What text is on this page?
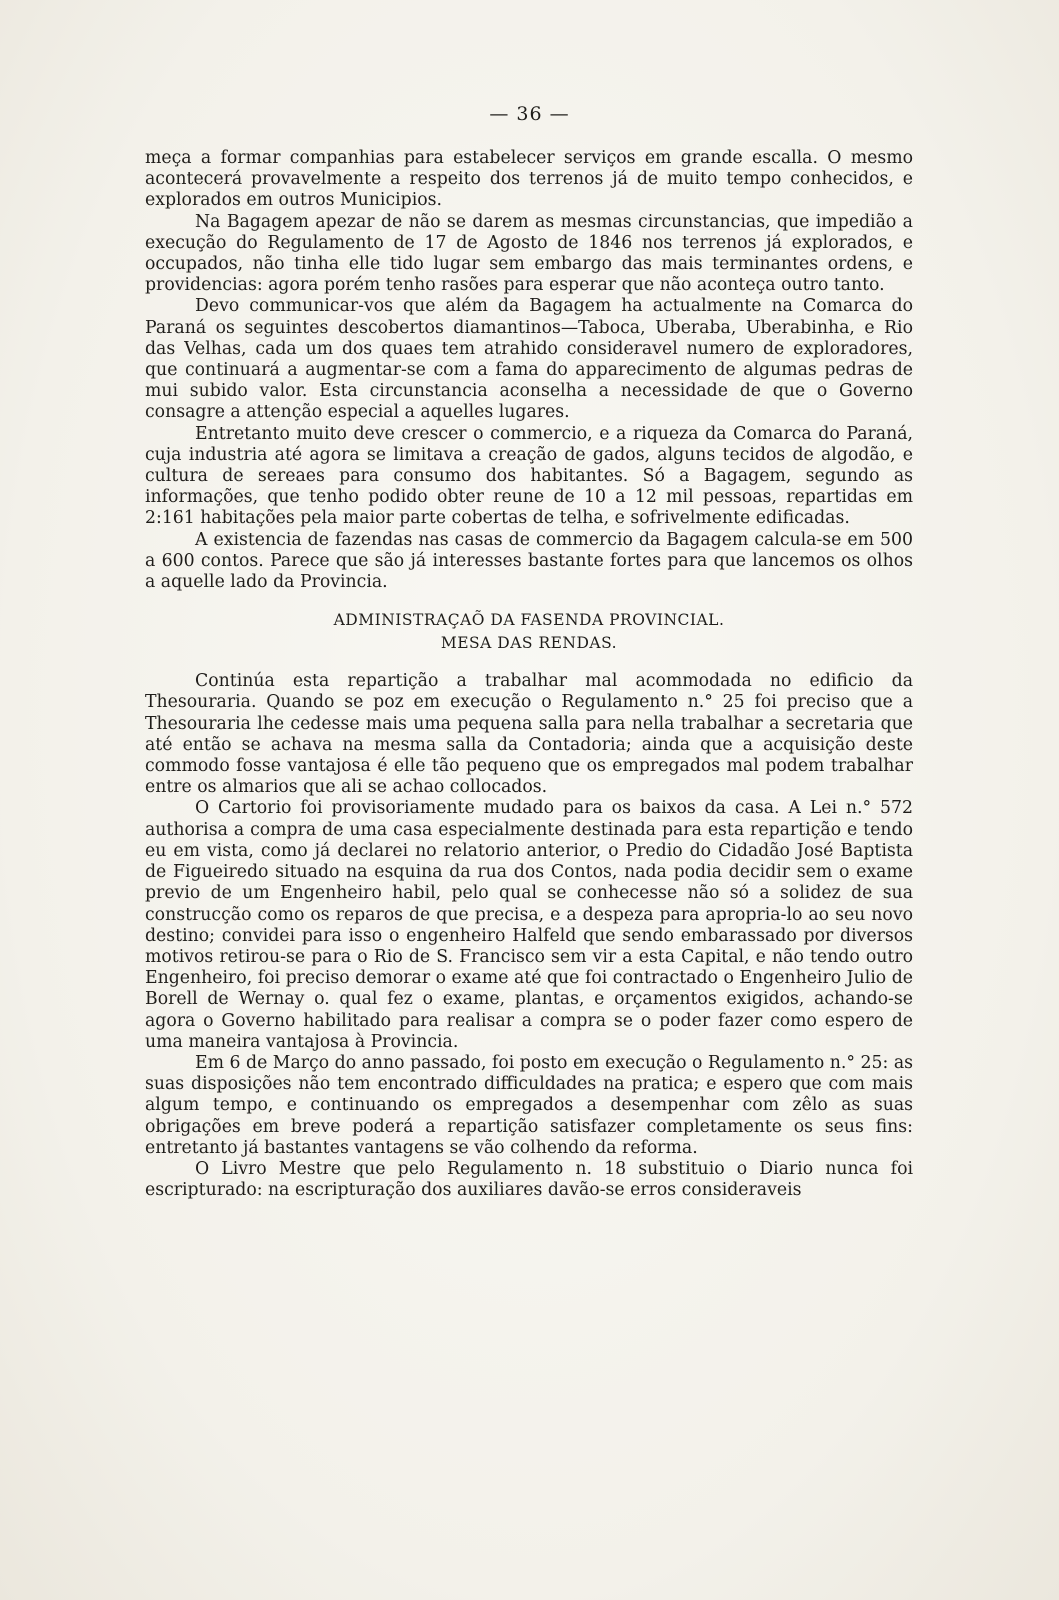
— 36 —

meça a formar companhias para estabelecer serviços em grande escalla. O mesmo acontecerá provavelmente a respeito dos terrenos já de muito tempo conhecidos, e explorados em outros Municipios.

Na Bagagem apezar de não se darem as mesmas circunstancias, que impedião a execução do Regulamento de 17 de Agosto de 1846 nos terrenos já explorados, e occupados, não tinha elle tido lugar sem embargo das mais terminantes ordens, e providencias: agora porém tenho rasões para esperar que não aconteça outro tanto.

Devo communicar-vos que além da Bagagem ha actualmente na Comarca do Paraná os seguintes descobertos diamantinos—Taboca, Uberaba, Uberabinha, e Rio das Velhas, cada um dos quaes tem atrahido consideravel numero de exploradores, que continuará a augmentar-se com a fama do apparecimento de algumas pedras de mui subido valor. Esta circunstancia aconselha a necessidade de que o Governo consagre a attenção especial a aquelles lugares.

Entretanto muito deve crescer o commercio, e a riqueza da Comarca do Paraná, cuja industria até agora se limitava a creação de gados, alguns tecidos de algodão, e cultura de sereaes para consumo dos habitantes. Só a Bagagem, segundo as informações, que tenho podido obter reune de 10 a 12 mil pessoas, repartidas em 2:161 habitações pela maior parte cobertas de telha, e sofrivelmente edificadas.

A existencia de fazendas nas casas de commercio da Bagagem calcula-se em 500 a 600 contos. Parece que são já interesses bastante fortes para que lancemos os olhos a aquelle lado da Provincia.

ADMINISTRAÇAÕ DA FASENDA PROVINCIAL.
MESA DAS RENDAS.

Continúa esta repartição a trabalhar mal acommodada no edificio da Thesouraria. Quando se poz em execução o Regulamento n.° 25 foi preciso que a Thesouraria lhe cedesse mais uma pequena salla para nella trabalhar a secretaria que até então se achava na mesma salla da Contadoria; ainda que a acquisição deste commodo fosse vantajosa é elle tão pequeno que os empregados mal podem trabalhar entre os almarios que ali se achao collocados.

O Cartorio foi provisoriamente mudado para os baixos da casa. A Lei n.° 572 authorisa a compra de uma casa especialmente destinada para esta repartição e tendo eu em vista, como já declarei no relatorio anterior, o Predio do Cidadão José Baptista de Figueiredo situado na esquina da rua dos Contos, nada podia decidir sem o exame previo de um Engenheiro habil, pelo qual se conhecesse não só a solidez de sua construcção como os reparos de que precisa, e a despeza para apropria-lo ao seu novo destino; convidei para isso o engenheiro Halfeld que sendo embarassado por diversos motivos retirou-se para o Rio de S. Francisco sem vir a esta Capital, e não tendo outro Engenheiro, foi preciso demorar o exame até que foi contractado o Engenheiro Julio de Borell de Wernay o. qual fez o exame, plantas, e orçamentos exigidos, achando-se agora o Governo habilitado para realisar a compra se o poder fazer como espero de uma maneira vantajosa à Provincia.

Em 6 de Março do anno passado, foi posto em execução o Regulamento n.° 25: as suas disposições não tem encontrado difficuldades na pratica; e espero que com mais algum tempo, e continuando os empregados a desempenhar com zêlo as suas obrigações em breve poderá a repartição satisfazer completamente os seus fins: entretanto já bastantes vantagens se vão colhendo da reforma.

O Livro Mestre que pelo Regulamento n. 18 substituio o Diario nunca foi escripturado: na escripturação dos auxiliares davão-se erros consideraveis
